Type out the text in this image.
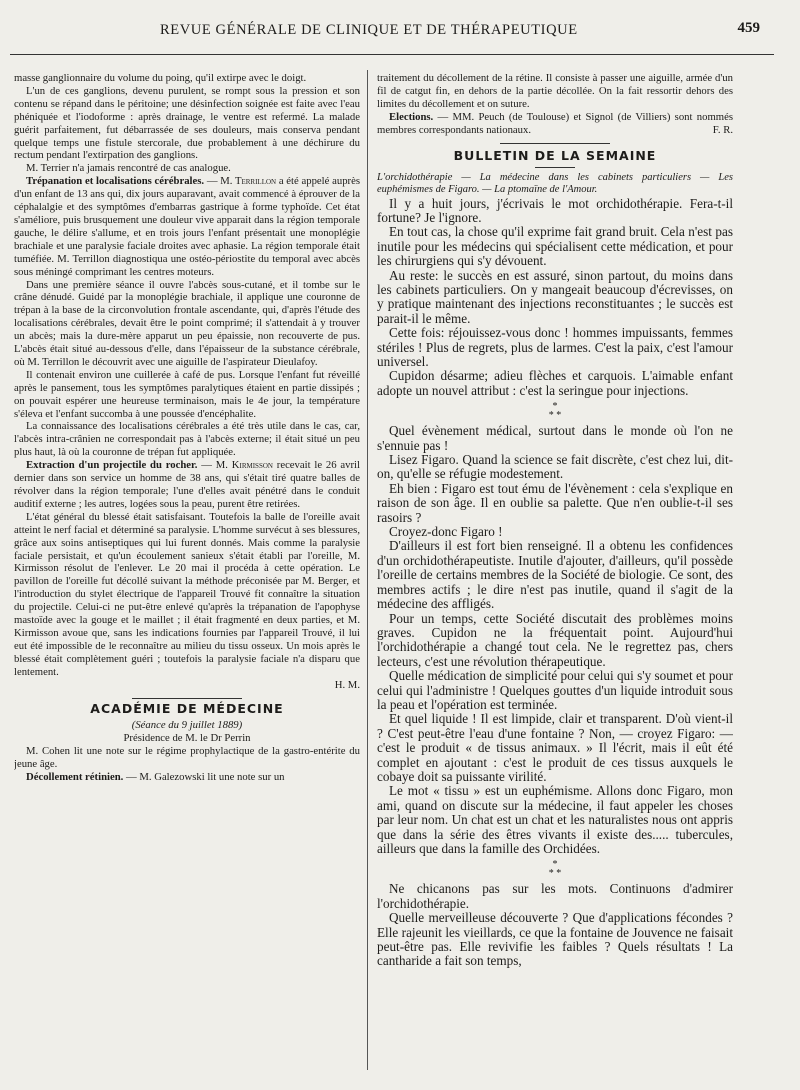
REVUE GÉNÉRALE DE CLINIQUE ET DE THÉRAPEUTIQUE	459

masse ganglionnaire du volume du poing, qu'il extirpe avec le doigt.

L'un de ces ganglions, devenu purulent, se rompt sous la pression et son contenu se répand dans le péritoine; une désinfection soignée est faite avec l'eau phéniquée et l'iodoforme : après drainage, le ventre est refermé. La malade guérit parfaitement, fut débarrassée de ses douleurs, mais conserva pendant quelque temps une fistule stercorale, due probablement à une déchirure du rectum pendant l'extirpation des ganglions.

M. Terrier n'a jamais rencontré de cas analogue.

Trépanation et localisations cérébrales. — M. Terrillon a été appelé auprès d'un enfant de 13 ans qui, dix jours auparavant, avait commencé à éprouver de la céphalalgie et des symptômes d'embarras gastrique à forme typhoïde. Cet état s'améliore, puis brusquement une douleur vive apparait dans la région temporale gauche, le délire s'allume, et en trois jours l'enfant présentait une monoplégie brachiale et une paralysie faciale droites avec aphasie. La région temporale était tuméfiée. M. Terrillon diagnostiqua une ostéo-périostite du temporal avec abcès sous méningé comprimant les centres moteurs.

Dans une première séance il ouvre l'abcès sous-cutané, et il tombe sur le crâne dénudé. Guidé par la monoplégie brachiale, il applique une couronne de trépan à la base de la circonvolution frontale ascendante, qui, d'après l'étude des localisations cérébrales, devait être le point comprimé; il s'attendait à y trouver un abcès; mais la dure-mère apparut un peu épaissie, non recouverte de pus. L'abcès était situé au-dessous d'elle, dans l'épaisseur de la substance cérébrale, où M. Terrillon le découvrit avec une aiguille de l'aspirateur Dieulafoy.

Il contenait environ une cuillerée à café de pus. Lorsque l'enfant fut réveillé après le pansement, tous les symptômes paralytiques étaient en partie dissipés ; on pouvait espérer une heureuse terminaison, mais le 4e jour, la température s'éleva et l'enfant succomba à une poussée d'encéphalite.

La connaissance des localisations cérébrales a été très utile dans le cas, car, l'abcès intra-crânien ne correspondait pas à l'abcès externe; il était situé un peu plus haut, là où la couronne de trépan fut appliquée.

Extraction d'un projectile du rocher. — M. Kirmisson recevait le 26 avril dernier dans son service un homme de 38 ans, qui s'était tiré quatre balles de révolver dans la région temporale; l'une d'elles avait pénétré dans le conduit auditif externe ; les autres, logées sous la peau, purent être retirées.

L'état général du blessé était satisfaisant. Toutefois la balle de l'oreille avait atteint le nerf facial et déterminé sa paralysie. L'homme survécut à ses blessures, grâce aux soins antiseptiques qui lui furent donnés. Mais comme la paralysie faciale persistait, et qu'un écoulement sanieux s'était établi par l'oreille, M. Kirmisson résolut de l'enlever. Le 20 mai il procéda à cette opération. Le pavillon de l'oreille fut décollé suivant la méthode préconisée par M. Berger, et l'introduction du stylet électrique de l'appareil Trouvé fit connaître la situation du projectile. Celui-ci ne put-être enlevé qu'après la trépanation de l'apophyse mastoïde avec la gouge et le maillet ; il était fragmenté en deux parties, et M. Kirmisson avoue que, sans les indications fournies par l'appareil Trouvé, il lui eut été impossible de le reconnaître au milieu du tissu osseux. Un mois après le blessé était complètement guéri ; toutefois la paralysie faciale n'a disparu que lentement.

H. M.

ACADÉMIE DE MÉDECINE

(Séance du 9 juillet 1889)

Présidence de M. le Dr Perrin

M. Cohen lit une note sur le régime prophylactique de la gastro-entérite du jeune âge.

Décollement rétinien. — M. Galezowski lit une note sur un

traitement du décollement de la rétine. Il consiste à passer une aiguille, armée d'un fil de catgut fin, en dehors de la partie décollée. On la fait ressortir dehors des limites du décollement et on suture.

Elections. — MM. Peuch (de Toulouse) et Signol (de Villiers) sont nommés membres correspondants nationaux.	F. R.

BULLETIN DE LA SEMAINE

L'orchidothérapie — La médecine dans les cabinets particuliers — Les euphémismes de Figaro. — La ptomaïne de l'Amour.

Il y a huit jours, j'écrivais le mot orchidothérapie. Fera-t-il fortune? Je l'ignore.

En tout cas, la chose qu'il exprime fait grand bruit. Cela n'est pas inutile pour les médecins qui spécialisent cette médication, et pour les chirurgiens qui s'y dévouent.

Au reste: le succès en est assuré, sinon partout, du moins dans les cabinets particuliers. On y mangeait beaucoup d'écrevisses, on y pratique maintenant des injections reconstituantes ; le succès est parait-il le même.

Cette fois: réjouissez-vous donc ! hommes impuissants, femmes stériles ! Plus de regrets, plus de larmes. C'est la paix, c'est l'amour universel.

Cupidon désarme; adieu flèches et carquois. L'aimable enfant adopte un nouvel attribut : c'est la seringue pour injections.

*
* *

Quel évènement médical, surtout dans le monde où l'on ne s'ennuie pas !

Lisez Figaro. Quand la science se fait discrète, c'est chez lui, dit-on, qu'elle se réfugie modestement.

Eh bien : Figaro est tout ému de l'évènement : cela s'explique en raison de son âge. Il en oublie sa palette. Que n'en oublie-t-il ses rasoirs ?

Croyez-donc Figaro !

D'ailleurs il est fort bien renseigné. Il a obtenu les confidences d'un orchidothérapeutiste. Inutile d'ajouter, d'ailleurs, qu'il possède l'oreille de certains membres de la Société de biologie. Ce sont, des membres actifs ; le dire n'est pas inutile, quand il s'agit de la médecine des affligés.

Pour un temps, cette Société discutait des problèmes moins graves. Cupidon ne la fréquentait point. Aujourd'hui l'orchidothérapie a changé tout cela. Ne le regrettez pas, chers lecteurs, c'est une révolution thérapeutique.

Quelle médication de simplicité pour celui qui s'y soumet et pour celui qui l'administre ! Quelques gouttes d'un liquide introduit sous la peau et l'opération est terminée.

Et quel liquide ! Il est limpide, clair et transparent. D'où vient-il ? C'est peut-être l'eau d'une fontaine ? Non, — croyez Figaro: — c'est le produit « de tissus animaux. » Il l'écrit, mais il eût été complet en ajoutant : c'est le produit de ces tissus auxquels le cobaye doit sa puissante virilité.

Le mot « tissu » est un euphémisme. Allons donc Figaro, mon ami, quand on discute sur la médecine, il faut appeler les choses par leur nom. Un chat est un chat et les naturalistes nous ont appris que dans la série des êtres vivants il existe des..... tubercules, ailleurs que dans la famille des Orchidées.

*
* *

Ne chicanons pas sur les mots. Continuons d'admirer l'orchidothérapie.

Quelle merveilleuse découverte ? Que d'applications fécondes ? Elle rajeunit les vieillards, ce que la fontaine de Jouvence ne faisait peut-être pas. Elle revivifie les faibles ? Quels résultats ! La cantharide a fait son temps,
